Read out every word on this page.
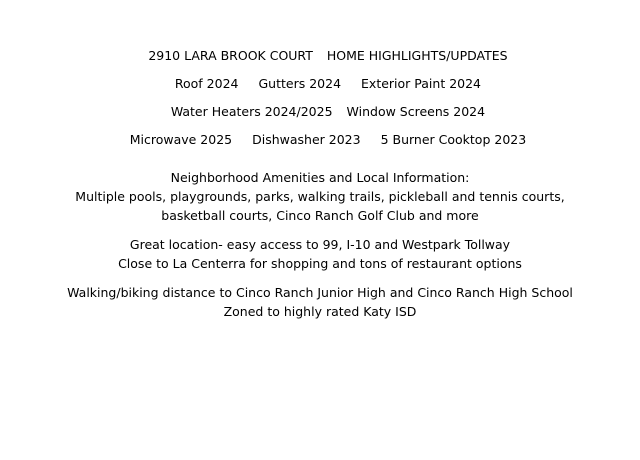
2910 LARA BROOK COURT HOME HIGHLIGHTS/UPDATES

Roof 2024 Gutters 2024 Exterior Paint 2024

Water Heaters 2024/2025 Window Screens 2024

Microwave 2025 Dishwasher 2023 5 Burner Cooktop 2023

Neighborhood Amenities and Local Information:
Multiple pools, playgrounds, parks, walking trails, pickleball and tennis courts,
basketball courts, Cinco Ranch Golf Club and more
Great location- easy access to 99, I-10 and Westpark Tollway
Close to La Centerra for shopping and tons of restaurant options
Walking/biking distance to Cinco Ranch Junior High and Cinco Ranch High School
Zoned to highly rated Katy ISD
